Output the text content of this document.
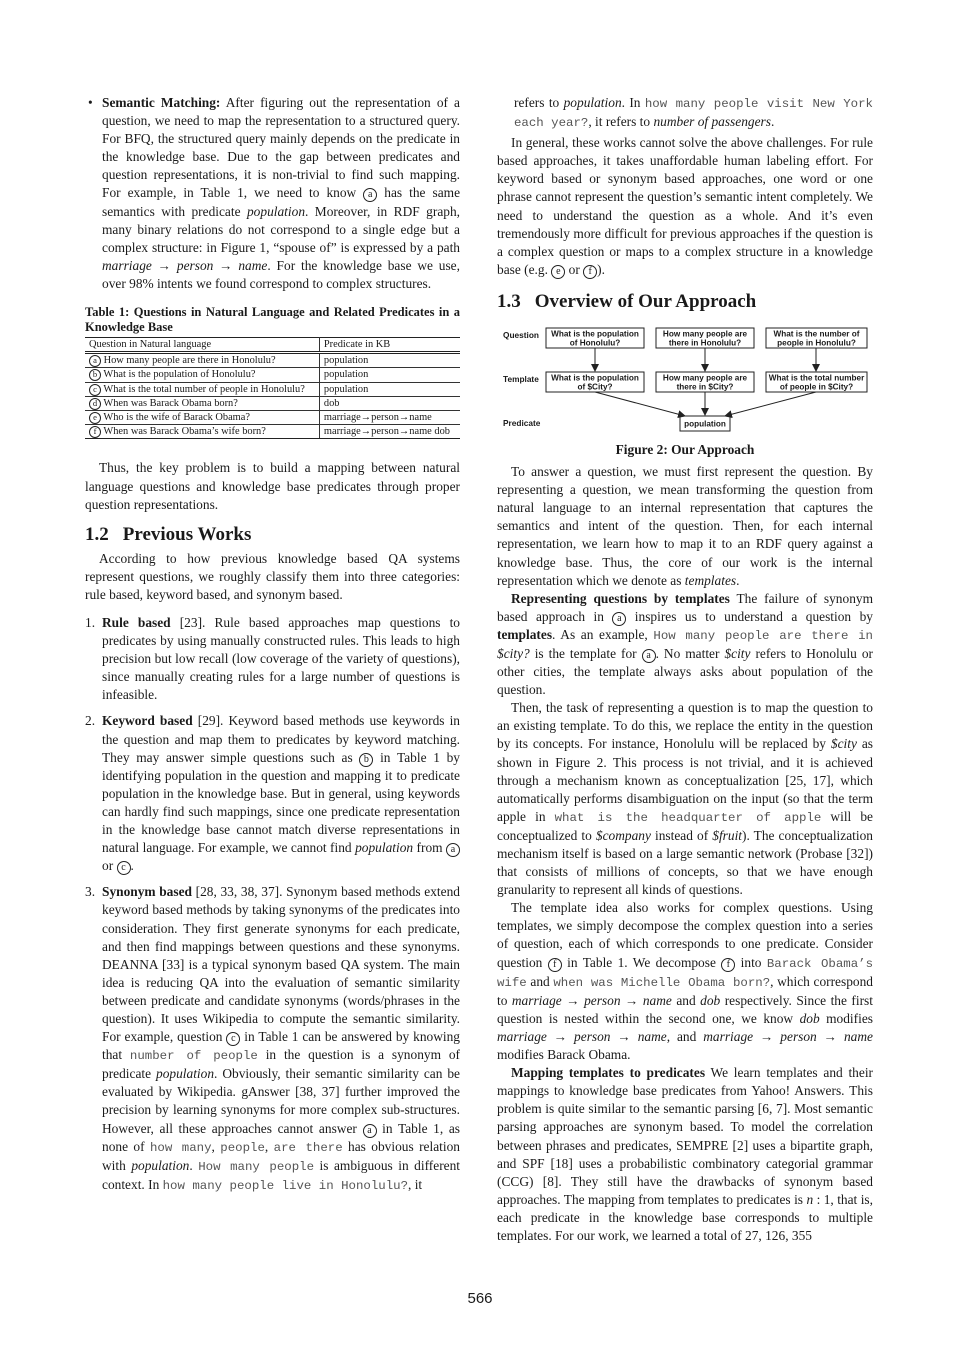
• Semantic Matching: After figuring out the representation of a question, we need to map the representation to a structured query. For BFQ, the structured query mainly depends on the predicate in the knowledge base. Due to the gap between predicates and question representations, it is non-trivial to find such mapping. For example, in Table 1, we need to know a has the same semantics with predicate population. Moreover, in RDF graph, many binary relations do not correspond to a single edge but a complex structure: in Figure 1, “spouse of” is expressed by a path marriage → person → name. For the knowledge base we use, over 98% intents we found correspond to complex structures.

Table 1: Questions in Natural Language and Related Predicates in a Knowledge Base
Question in Natural language	Predicate in KB
a How many people are there in Honolulu?	population
b What is the population of Honolulu?	population
c What is the total number of people in Honolulu?	population
d When was Barack Obama born?	dob
e Who is the wife of Barack Obama?	marriage→person→name
f When was Barack Obama’s wife born?	marriage→person→name dob

Thus, the key problem is to build a mapping between natural language questions and knowledge base predicates through proper question representations.

1.2 Previous Works

According to how previous knowledge based QA systems represent questions, we roughly classify them into three categories: rule based, keyword based, and synonym based.

1. Rule based [23]. Rule based approaches map questions to predicates by using manually constructed rules. This leads to high precision but low recall (low coverage of the variety of questions), since manually creating rules for a large number of questions is infeasible.

2. Keyword based [29]. Keyword based methods use keywords in the question and map them to predicates by keyword matching. They may answer simple questions such as b in Table 1 by identifying population in the question and mapping it to predicate population in the knowledge base. But in general, using keywords can hardly find such mappings, since one predicate representation in the knowledge base cannot match diverse representations in natural language. For example, we cannot find population from a or c .

3. Synonym based [28, 33, 38, 37]. Synonym based methods extend keyword based methods by taking synonyms of the predicates into consideration. They first generate synonyms for each predicate, and then find mappings between questions and these synonyms. DEANNA [33] is a typical synonym based QA system. The main idea is reducing QA into the evaluation of semantic similarity between predicate and candidate synonyms (words/phrases in the question). It uses Wikipedia to compute the semantic similarity. For example, question c in Table 1 can be answered by knowing that number of people in the question is a synonym of predicate population. Obviously, their semantic similarity can be evaluated by Wikipedia. gAnswer [38, 37] further improved the precision by learning synonyms for more complex sub-structures. However, all these approaches cannot answer a in Table 1, as none of how many, people, are there has obvious relation with population. How many people is ambiguous in different context. In how many people live in Honolulu?, it

refers to population. In how many people visit New York each year?, it refers to number of passengers.

In general, these works cannot solve the above challenges. For rule based approaches, it takes unaffordable human labeling effort. For keyword based or synonym based approaches, one word or one phrase cannot represent the question’s semantic intent completely. We need to understand the question as a whole. And it’s even tremendously more difficult for previous approaches if the question is a complex question or maps to a complex structure in a knowledge base (e.g. e or f ).

1.3 Overview of Our Approach
Question
Template
Predicate
What is the population
of Honolulu?
How many people are
there in Honolulu?
What is the number of
people in Honolulu?
What is the population
of $City?
How many people are
there in $City?
What is the total number
of people in $City?
population
Figure 2: Our Approach

To answer a question, we must first represent the question. By representing a question, we mean transforming the question from natural language to an internal representation that captures the semantics and intent of the question. Then, for each internal representation, we learn how to map it to an RDF query against a knowledge base. Thus, the core of our work is the internal representation which we denote as templates.

Representing questions by templates The failure of synonym based approach in a inspires us to understand a question by templates. As an example, How many people are there in $city? is the template for a . No matter $city refers to Honolulu or other cities, the template always asks about population of the question.

Then, the task of representing a question is to map the question to an existing template. To do this, we replace the entity in the question by its concepts. For instance, Honolulu will be replaced by $city as shown in Figure 2. This process is not trivial, and it is achieved through a mechanism known as conceptualization [25, 17], which automatically performs disambiguation on the input (so that the term apple in what is the headquarter of apple will be conceptualized to $company instead of $fruit). The conceptualization mechanism itself is based on a large semantic network (Probase [32]) that consists of millions of concepts, so that we have enough granularity to represent all kinds of questions.

The template idea also works for complex questions. Using templates, we simply decompose the complex question into a series of question, each of which corresponds to one predicate. Consider question f in Table 1. We decompose f into Barack Obama’s wife and when was Michelle Obama born?, which correspond to marriage → person → name and dob respectively. Since the first question is nested within the second one, we know dob modifies marriage → person → name, and marriage → person → name modifies Barack Obama.

Mapping templates to predicates We learn templates and their mappings to knowledge base predicates from Yahoo! Answers. This problem is quite similar to the semantic parsing [6, 7]. Most semantic parsing approaches are synonym based. To model the correlation between phrases and predicates, SEMPRE [2] uses a bipartite graph, and SPF [18] uses a probabilistic combinatory categorial grammar (CCG) [8]. They still have the drawbacks of synonym based approaches. The mapping from templates to predicates is n : 1, that is, each predicate in the knowledge base corresponds to multiple templates. For our work, we learned a total of 27, 126, 355

566
